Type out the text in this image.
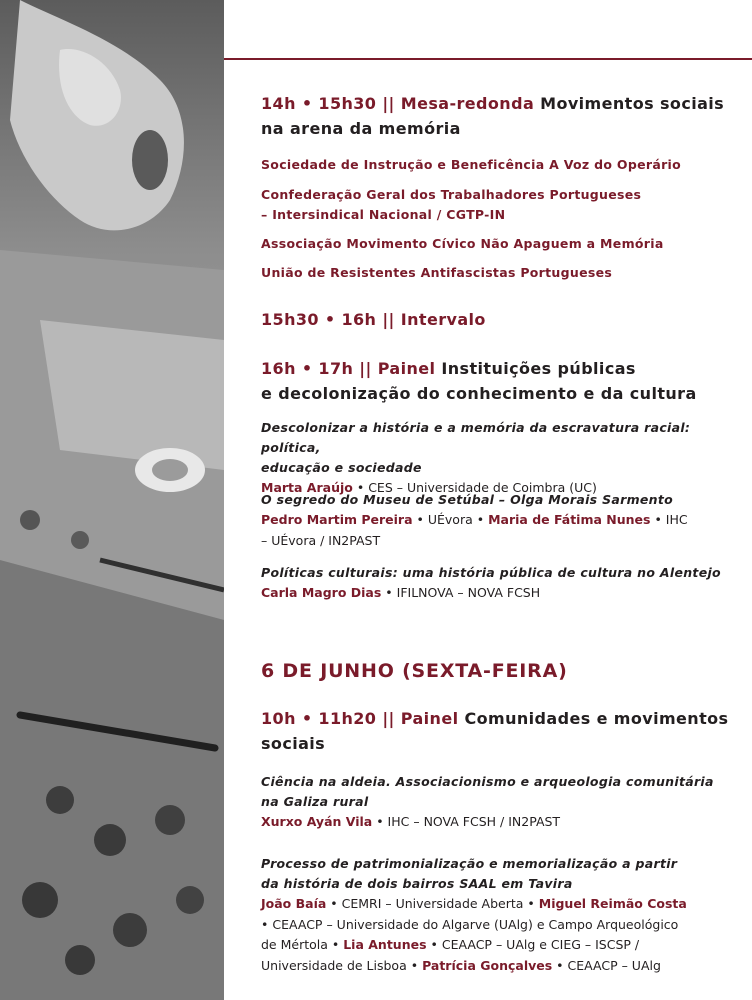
14h • 15h30 || Mesa-redonda Movimentos sociais

na arena da memória

Sociedade de Instrução e Beneficência A Voz do Operário

Confederação Geral dos Trabalhadores Portugueses

– Intersindical Nacional / CGTP-IN

Associação Movimento Cívico Não Apaguem a Memória

União de Resistentes Antifascistas Portugueses

15h30 • 16h || Intervalo

16h • 17h || Painel Instituições públicas

e decolonização do conhecimento e da cultura

Descolonizar a história e a memória da escravatura racial: política,

educação e sociedade

Marta Araújo • CES – Universidade de Coimbra (UC)

O segredo do Museu de Setúbal – Olga Morais Sarmento

Pedro Martim Pereira • UÉvora • Maria de Fátima Nunes • IHC

– UÉvora / IN2PAST

Políticas culturais: uma história pública de cultura no Alentejo

Carla Magro Dias • IFILNOVA – NOVA FCSH

6 DE JUNHO (SEXTA-FEIRA)

10h • 11h20 || Painel Comunidades e movimentos

sociais

Ciência na aldeia. Associacionismo e arqueologia comunitária

na Galiza rural

Xurxo Ayán Vila • IHC – NOVA FCSH / IN2PAST

Processo de patrimonialização e memorialização a partir

da história de dois bairros SAAL em Tavira

João Baía • CEMRI – Universidade Aberta • Miguel Reimão Costa

• CEAACP – Universidade do Algarve (UAlg) e Campo Arqueológico

de Mértola • Lia Antunes • CEAACP – UAlg e CIEG – ISCSP /

Universidade de Lisboa • Patrícia Gonçalves • CEAACP – UAlg
